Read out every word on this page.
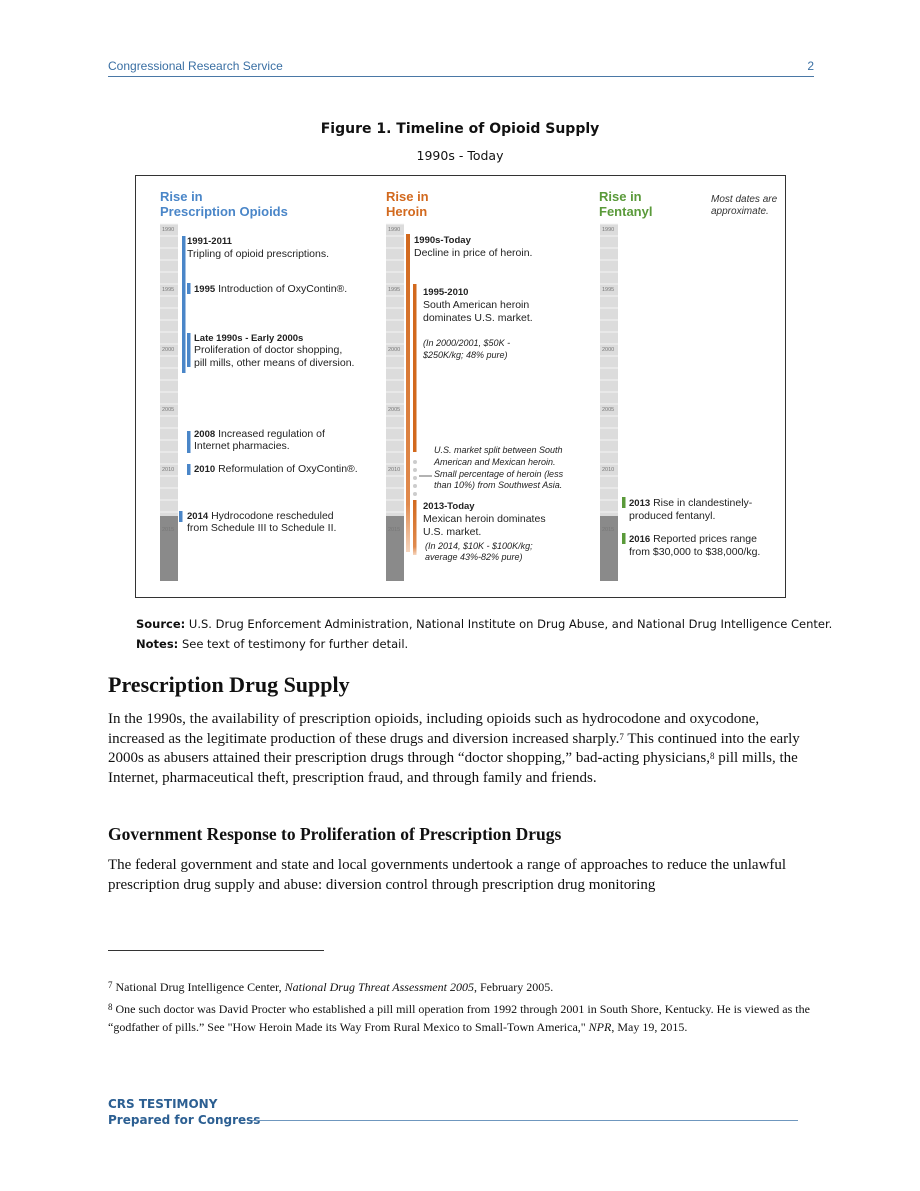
Congressional Research Service	2
Figure 1. Timeline of Opioid Supply
1990s - Today
1990
1995
2000
2005
2010
2015
1990
1995
2000
2005
2010
2015
1990
1995
2000
2005
2010
2015
Rise in
Prescription Opioids
Rise in
Heroin
Rise in
Fentanyl
Most dates are
approximate.
1991-2011
Tripling of opioid prescriptions.
1995 Introduction of OxyContin®.
Late 1990s - Early 2000s
Proliferation of doctor shopping,
pill mills, other means of diversion.
2008 Increased regulation of
Internet pharmacies.
2010 Reformulation of OxyContin®.
2014 Hydrocodone rescheduled
from Schedule III to Schedule II.
1990s-Today
Decline in price of heroin.
1995-2010
South American heroin
dominates U.S. market.
(In 2000/2001, $50K -
$250K/kg; 48% pure)
U.S. market split between South
American and Mexican heroin.
Small percentage of heroin (less
than 10%) from Southwest Asia.
2013-Today
Mexican heroin dominates
U.S. market.
(In 2014, $10K - $100K/kg;
average 43%-82% pure)
2013 Rise in clandestinely-
produced fentanyl.
2016 Reported prices range
from $30,000 to $38,000/kg.
Source: U.S. Drug Enforcement Administration, National Institute on Drug Abuse, and National Drug Intelligence Center.
Notes: See text of testimony for further detail.
Prescription Drug Supply

In the 1990s, the availability of prescription opioids, including opioids such as hydrocodone and oxycodone, increased as the legitimate production of these drugs and diversion increased sharply.$^7$ This continued into the early 2000s as abusers attained their prescription drugs through “doctor shopping,” bad-acting physicians,$^8$ pill mills, the Internet, pharmaceutical theft, prescription fraud, and through family and friends.

Government Response to Proliferation of Prescription Drugs

The federal government and state and local governments undertook a range of approaches to reduce the unlawful prescription drug supply and abuse: diversion control through prescription drug monitoring

$^7$ National Drug Intelligence Center, National Drug Threat Assessment 2005, February 2005.
$^8$ One such doctor was David Procter who established a pill mill operation from 1992 through 2001 in South Shore, Kentucky. He is viewed as the “godfather of pills.” See "How Heroin Made its Way From Rural Mexico to Small-Town America," NPR, May 19, 2015.
CRS TESTIMONY
Prepared for Congress
